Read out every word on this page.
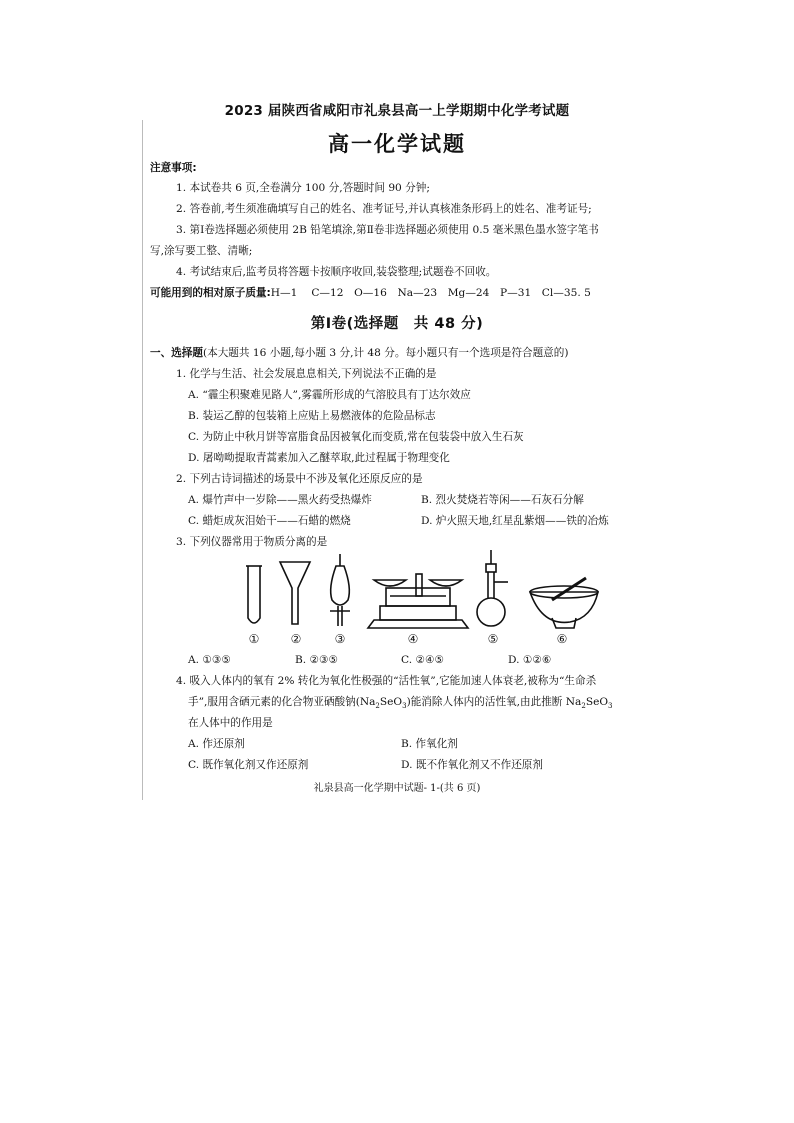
2023 届陕西省咸阳市礼泉县高一上学期期中化学考试题
高一化学试题
注意事项:
1. 本试卷共 6 页,全卷满分 100 分,答题时间 90 分钟;
2. 答卷前,考生须准确填写自己的姓名、准考证号,并认真核准条形码上的姓名、准考证号;
3. 第Ⅰ卷选择题必须使用 2B 铅笔填涂,第Ⅱ卷非选择题必须使用 0.5 毫米黑色墨水签字笔书
写,涂写要工整、清晰;
4. 考试结束后,监考员将答题卡按顺序收回,装袋整理;试题卷不回收。
可能用到的相对原子质量:H—1　 C—12　O—16　Na—23　Mg—24　P—31　Cl—35. 5
第Ⅰ卷(选择题　共 48 分)
一、选择题(本大题共 16 小题,每小题 3 分,计 48 分。每小题只有一个选项是符合题意的)
1. 化学与生活、社会发展息息相关,下列说法不正确的是
A. “霾尘积聚难见路人”,雾霾所形成的气溶胶具有丁达尔效应
B. 装运乙醇的包装箱上应贴上易燃液体的危险品标志
C. 为防止中秋月饼等富脂食品因被氧化而变质,常在包装袋中放入生石灰
D. 屠呦呦提取青蒿素加入乙醚萃取,此过程属于物理变化
2. 下列古诗词描述的场景中不涉及氧化还原反应的是
A. 爆竹声中一岁除——黑火药受热爆炸	B. 烈火焚烧若等闲——石灰石分解
C. 蜡炬成灰泪始干——石蜡的燃烧	D. 炉火照天地,红星乱紫烟——铁的冶炼
3. 下列仪器常用于物质分离的是
①	②	③	④	⑤	⑥
A. ①③⑤	B. ②③⑤	C. ②④⑤	D. ①②⑥
4. 吸入人体内的氧有 2% 转化为氧化性极强的“活性氧”,它能加速人体衰老,被称为“生命杀
手”,服用含硒元素的化合物亚硒酸钠$(Na_2SeO_3)$能消除人体内的活性氧,由此推断 $Na_2SeO_3$
在人体中的作用是
A. 作还原剂	B. 作氧化剂
C. 既作氧化剂又作还原剂	D. 既不作氧化剂又不作还原剂
礼泉县高一化学期中试题- 1-(共 6 页)
